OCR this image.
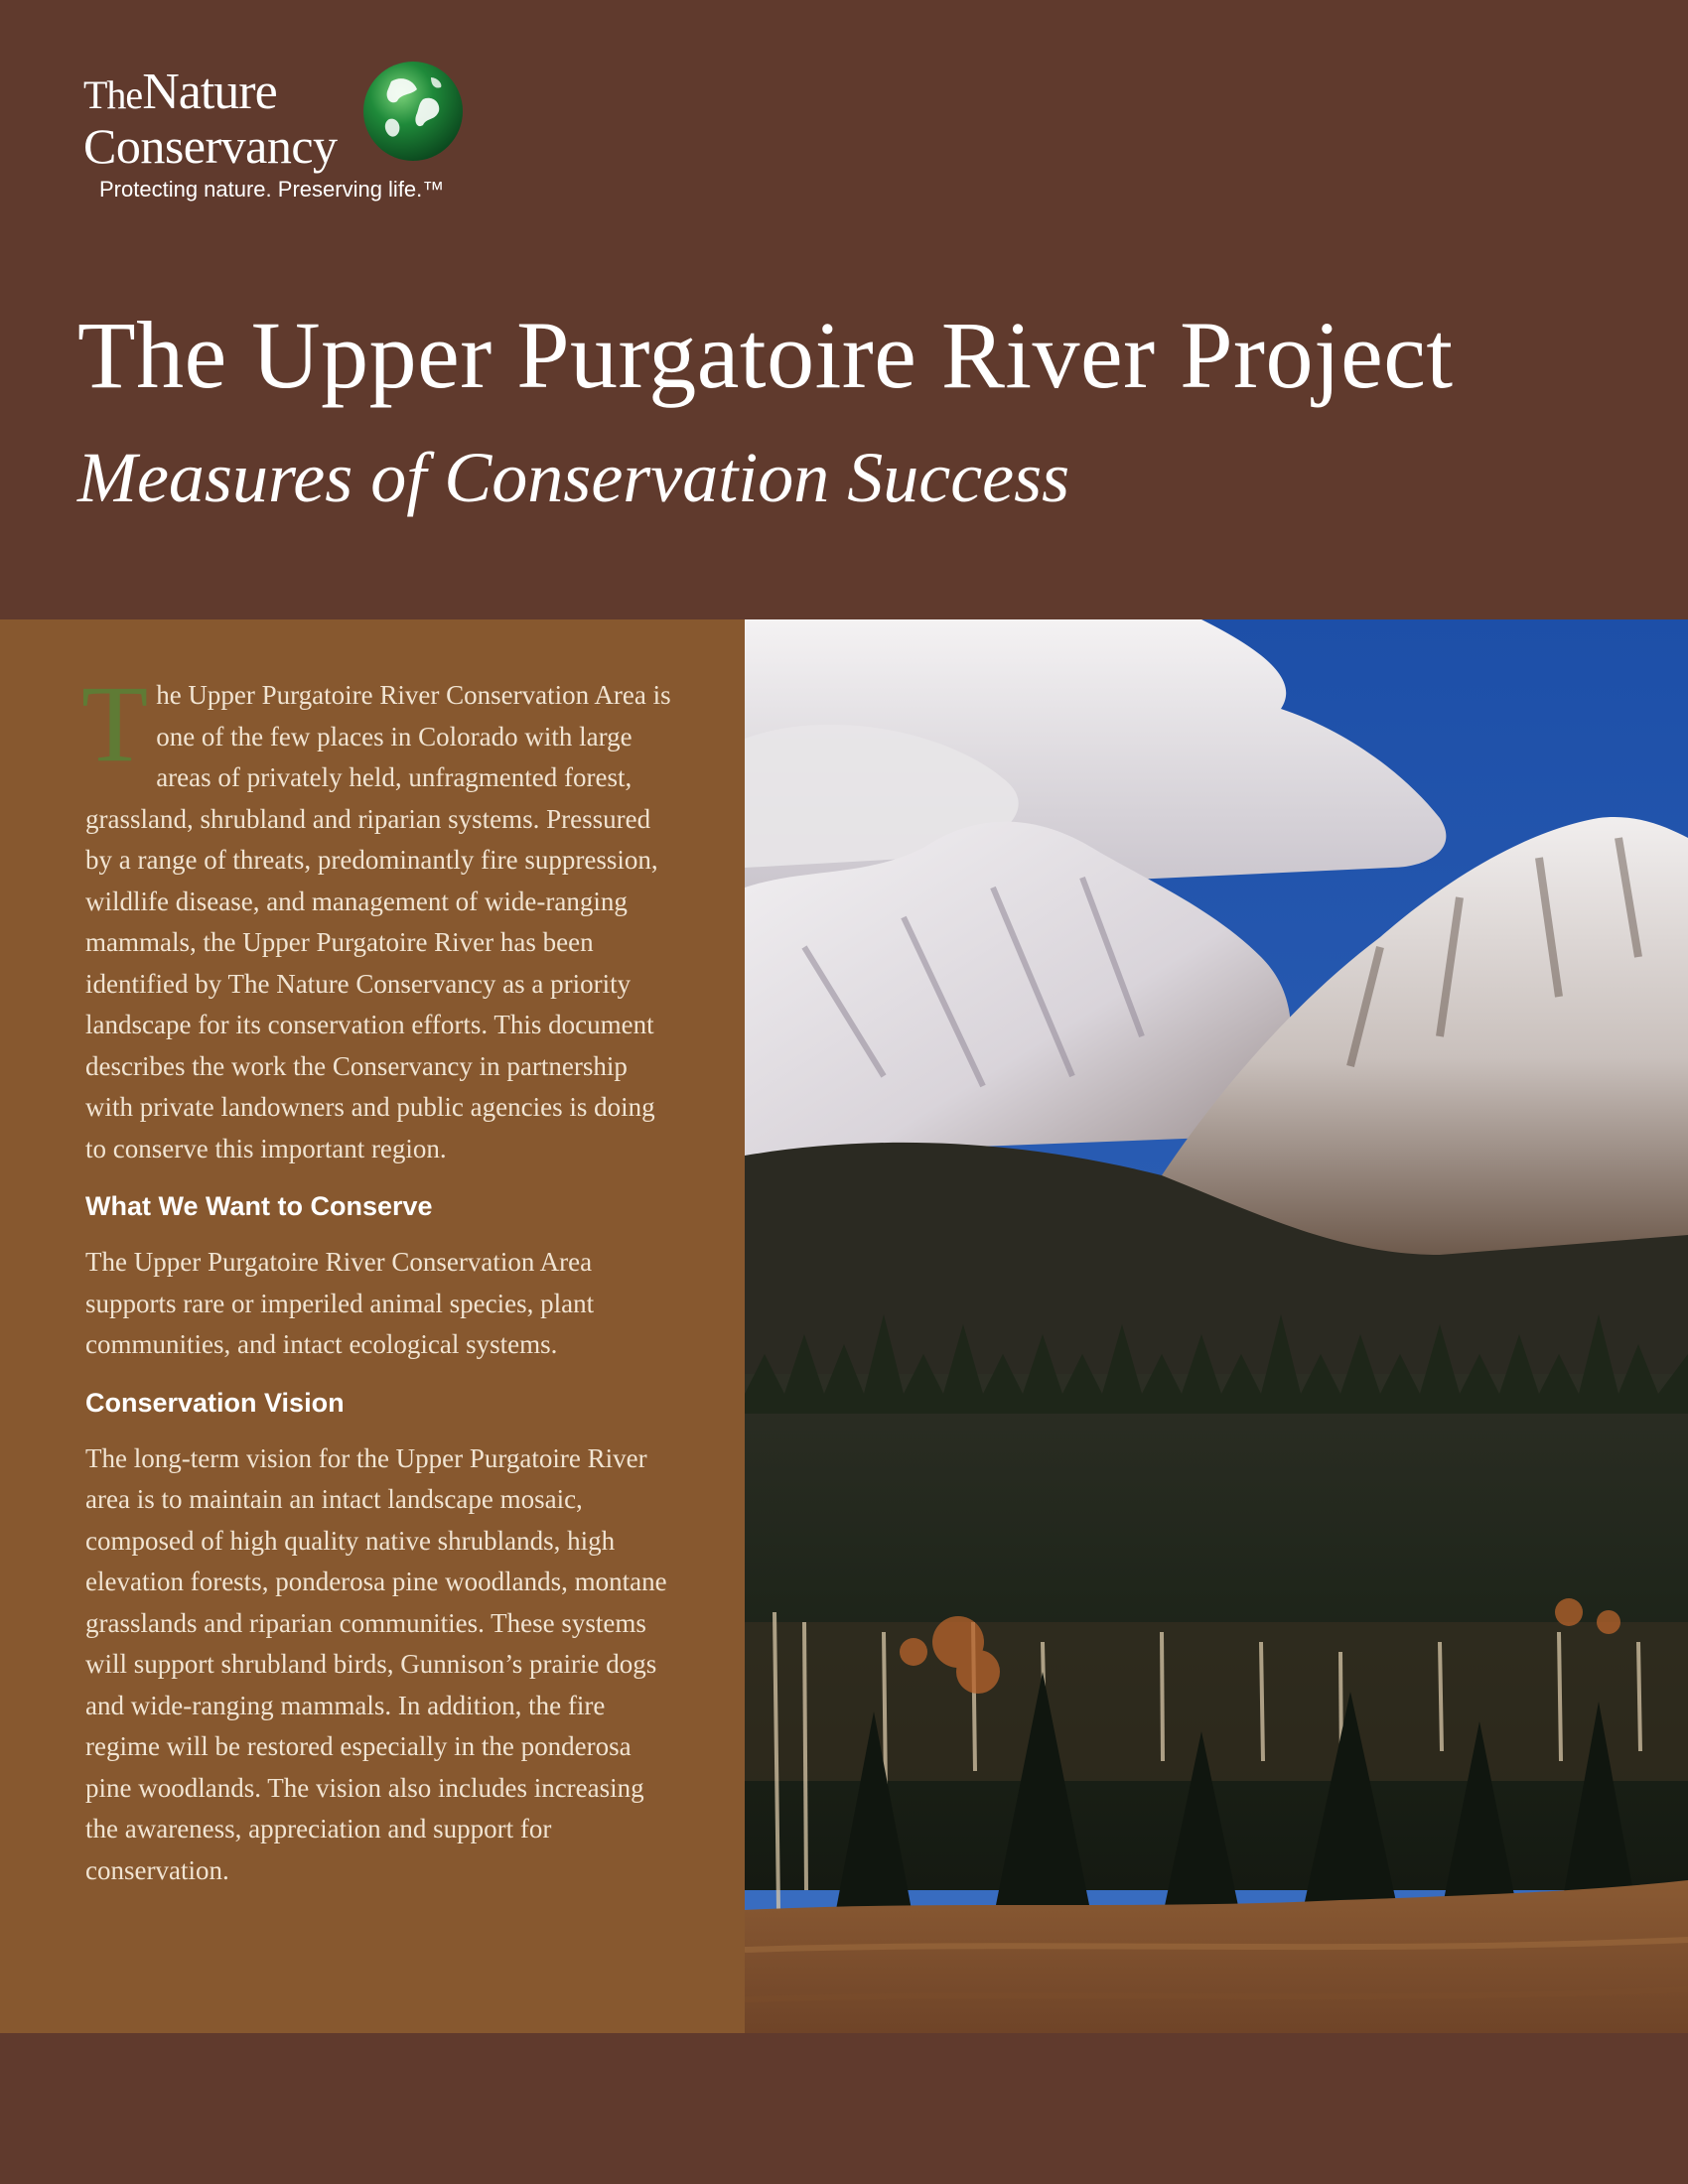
TheNature
Conservancy
Protecting nature. Preserving life.™
The Upper Purgatoire River Project
Measures of Conservation Success

The Upper Purgatoire River Conservation Area is one of the few places in Colorado with large areas of privately held, unfragmented forest, grassland, shrubland and riparian systems. Pressured by a range of threats, predominantly fire suppression, wildlife disease, and management of wide-ranging mammals, the Upper Purgatoire River has been identified by The Nature Conservancy as a priority landscape for its conservation efforts. This document describes the work the Conservancy in partnership with private landowners and public agencies is doing to conserve this important region.

What We Want to Conserve

The Upper Purgatoire River Conservation Area supports rare or imperiled animal species, plant communities, and intact ecological systems.

Conservation Vision

The long-term vision for the Upper Purgatoire River area is to maintain an intact landscape mosaic, composed of high quality native shrublands, high elevation forests, ponderosa pine woodlands, montane grasslands and riparian communities. These systems will support shrubland birds, Gunnison’s prairie dogs and wide-ranging mammals. In addition, the fire regime will be restored especially in the ponderosa pine woodlands. The vision also includes increasing the awareness, appreciation and support for conservation.
